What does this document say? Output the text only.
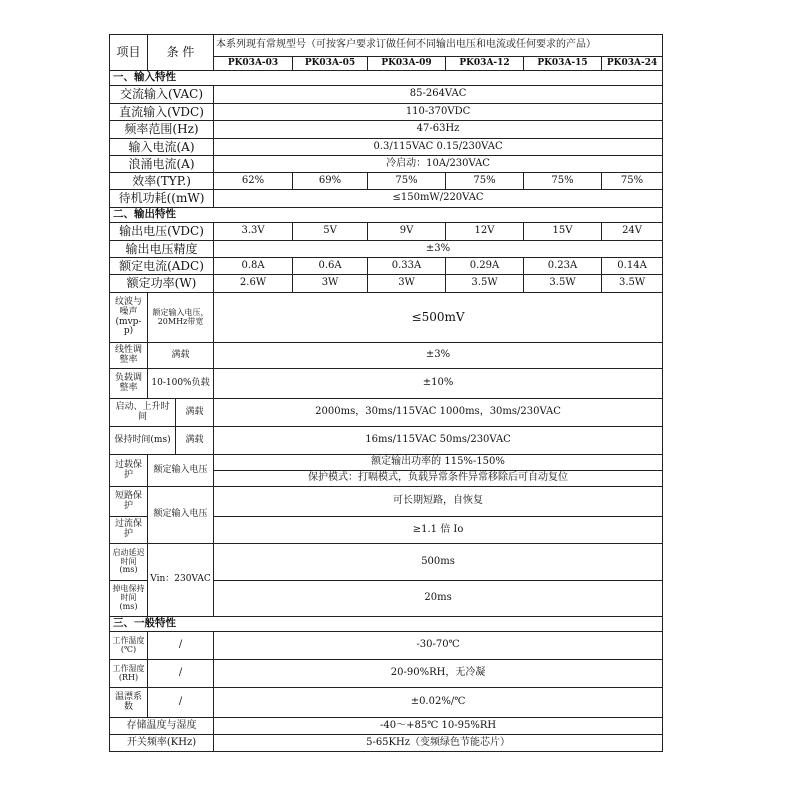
项目	条 件		本系列现有常规型号（可按客户要求订做任何不同输出电压和电流或任何要求的产品）					
			PK03A-03	PK03A-05	PK03A-09	PK03A-12	PK03A-15	PK03A-24
一、输入特性								
交流输入(VAC)			85-264VAC					
直流输入(VDC)			110-370VDC					
频率范围(Hz)			47-63Hz					
输入电流(A)			0.3/115VAC 0.15/230VAC					
浪涌电流(A)			冷启动：10A/230VAC					
效率(TYP.)			62%	69%	75%	75%	75%	75%
待机功耗((mW)			≤150mW/220VAC					
二、输出特性								
输出电压(VDC)			3.3V	5V	9V	12V	15V	24V
输出电压精度			±3%					
额定电流(ADC)			0.8A	0.6A	0.33A	0.29A	0.23A	0.14A
额定功率(W)			2.6W	3W	3W	3.5W	3.5W	3.5W
纹波与噪声(mvp-p)	额定输入电压，20MHz带宽		≤500mV					
线性调整率	满载		±3%					
负载调整率	10-100%负载		±10%					
启动、上升时间		满载	2000ms，30ms/115VAC 1000ms，30ms/230VAC					
保持时间(ms)		满载	16ms/115VAC 50ms/230VAC					
过载保护	额定输入电压		额定输出功率的 115%-150%					
			保护模式：打嗝模式，负载异常条件异常移除后可自动复位					
短路保护	额定输入电压		可长期短路，自恢复					
过流保护			≥1.1 倍 Io					
启动延迟时间(ms)	Vin：230VAC		500ms					
掉电保持时间(ms)			20ms					
三、一般特性								
工作温度(℃)	/		-30-70℃					
工作湿度(RH)	/		20-90%RH，无冷凝					
温漂系数	/		±0.02%/℃					
存储温度与湿度			-40～+85℃ 10-95%RH					
开关频率(KHz)			5-65KHz（变频绿色节能芯片）					
